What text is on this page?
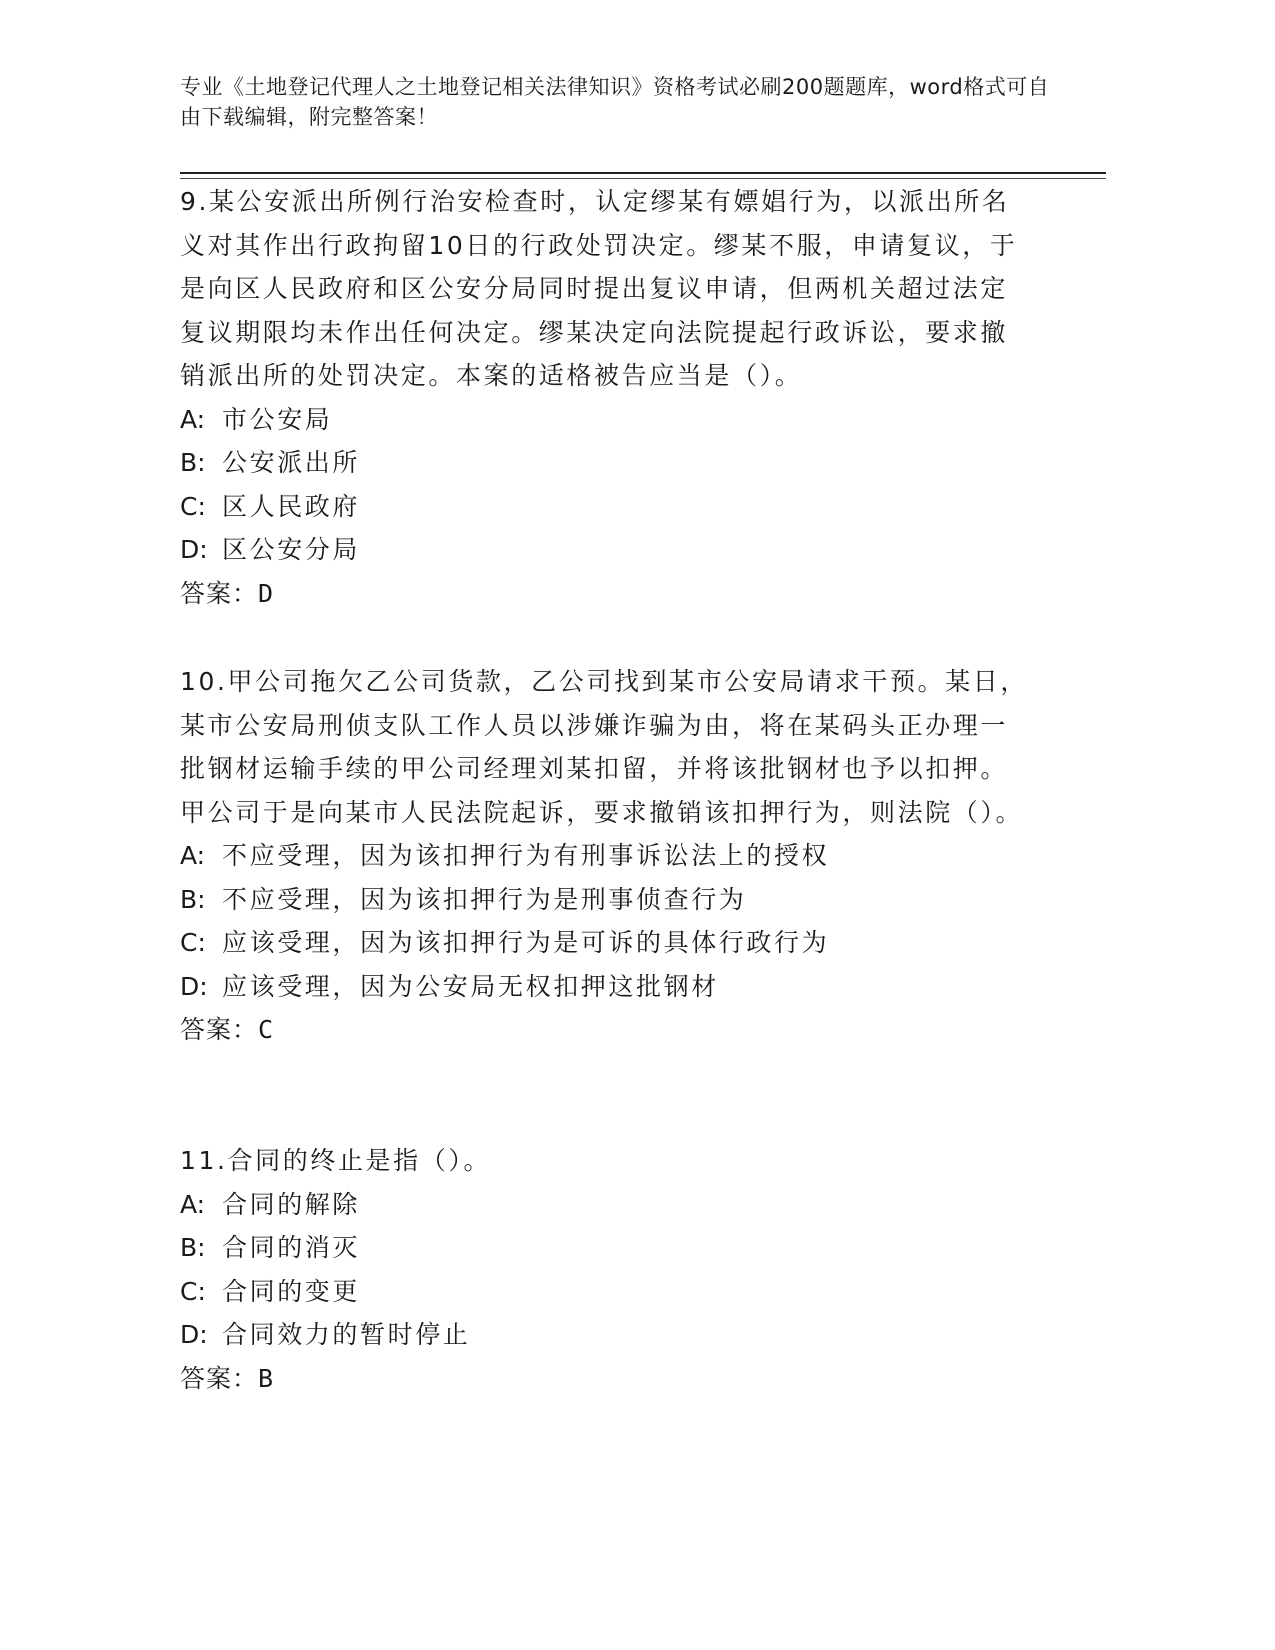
专业《土地登记代理人之土地登记相关法律知识》资格考试必刷200题题库，word格式可自由下载编辑，附完整答案！

9.某公安派出所例行治安检查时，认定缪某有嫖娼行为，以派出所名义对其作出行政拘留10日的行政处罚决定。缪某不服，申请复议，于是向区人民政府和区公安分局同时提出复议申请，但两机关超过法定复议期限均未作出任何决定。缪某决定向法院提起行政诉讼，要求撤销派出所的处罚决定。本案的适格被告应当是（）。

A: 市公安局
B: 公安派出所
C: 区人民政府
D: 区公安分局
答案：D

10.甲公司拖欠乙公司货款，乙公司找到某市公安局请求干预。某日，某市公安局刑侦支队工作人员以涉嫌诈骗为由，将在某码头正办理一批钢材运输手续的甲公司经理刘某扣留，并将该批钢材也予以扣押。甲公司于是向某市人民法院起诉，要求撤销该扣押行为，则法院（）。

A: 不应受理，因为该扣押行为有刑事诉讼法上的授权
B: 不应受理，因为该扣押行为是刑事侦查行为
C: 应该受理，因为该扣押行为是可诉的具体行政行为
D: 应该受理，因为公安局无权扣押这批钢材
答案：C

11.合同的终止是指（）。

A: 合同的解除
B: 合同的消灭
C: 合同的变更
D: 合同效力的暂时停止
答案：B
